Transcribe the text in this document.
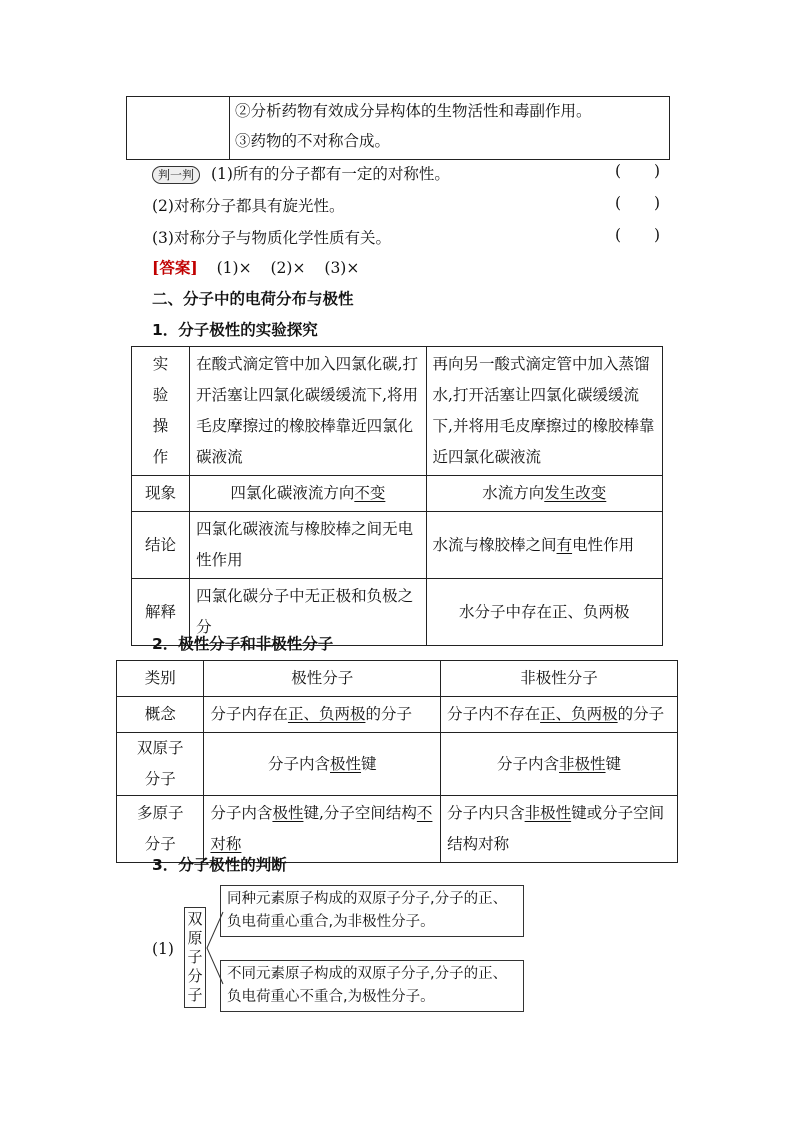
②分析药物有效成分异构体的生物活性和毒副作用。
③药物的不对称合成。
判一判 (1)所有的分子都有一定的对称性。	( )
(2)对称分子都具有旋光性。	( )
(3)对称分子与物质化学性质有关。	( )
[答案] (1)× (2)× (3)×
二、分子中的电荷分布与极性
1．分子极性的实验探究
实验操作	在酸式滴定管中加入四氯化碳,打开活塞让四氯化碳缓缓流下,将用毛皮摩擦过的橡胶棒靠近四氯化碳液流	再向另一酸式滴定管中加入蒸馏水,打开活塞让四氯化碳缓缓流下,并将用毛皮摩擦过的橡胶棒靠近四氯化碳液流
现象	四氯化碳液流方向不变	水流方向发生改变
结论	四氯化碳液流与橡胶棒之间无电性作用	水流与橡胶棒之间有电性作用
解释	四氯化碳分子中无正极和负极之分	水分子中存在正、负两极
2．极性分子和非极性分子
类别	极性分子	非极性分子
概念	分子内存在正、负两极的分子	分子内不存在正、负两极的分子
双原子分子	分子内含极性键	分子内含非极性键
多原子分子	分子内含极性键,分子空间结构不对称	分子内只含非极性键或分子空间结构对称
3．分子极性的判断
(1)
双原子分子
同种元素原子构成的双原子分子,分子的正、负电荷重心重合,为非极性分子。
不同元素原子构成的双原子分子,分子的正、负电荷重心不重合,为极性分子。
